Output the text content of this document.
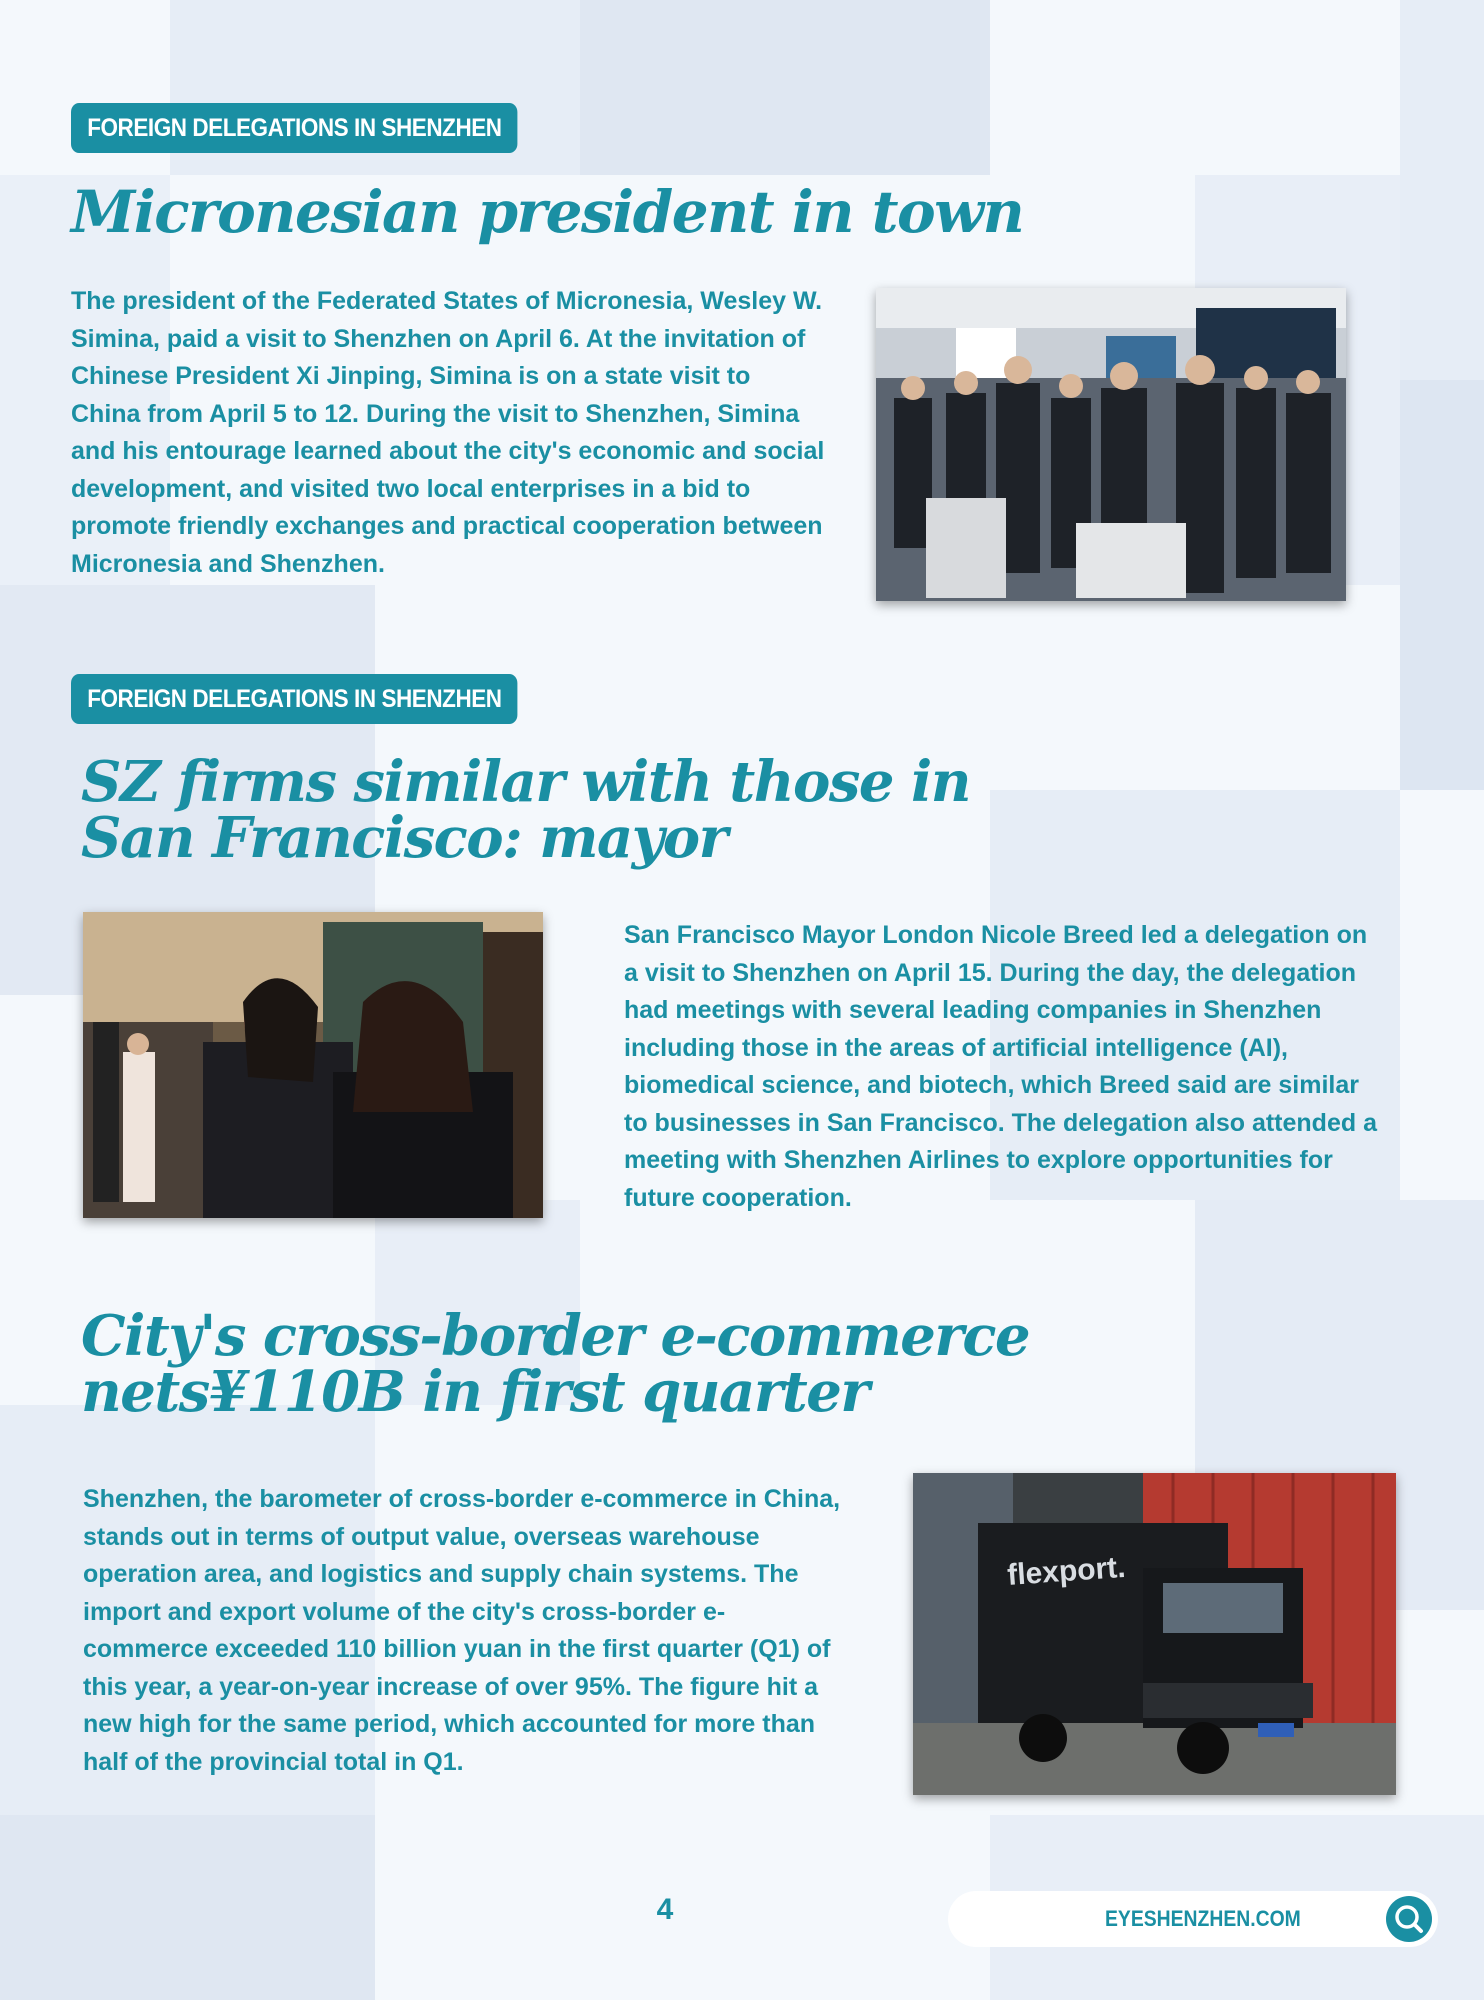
FOREIGN DELEGATIONS IN SHENZHEN
Micronesian president in town

The president of the Federated States of Micronesia, Wesley W. Simina, paid a visit to Shenzhen on April 6. At the invitation of Chinese President Xi Jinping, Simina is on a state visit to China from April 5 to 12. During the visit to Shenzhen, Simina and his entourage learned about the city's economic and social development, and visited two local enterprises in a bid to promote friendly exchanges and practical cooperation between Micronesia and Shenzhen.

FOREIGN DELEGATIONS IN SHENZHEN
SZ firms similar with those in San Francisco: mayor

San Francisco Mayor London Nicole Breed led a delegation on a visit to Shenzhen on April 15. During the day, the delegation had meetings with several leading companies in Shenzhen including those in the areas of artificial intelligence (AI), biomedical science, and biotech, which Breed said are similar to businesses in San Francisco. The delegation also attended a meeting with Shenzhen Airlines to explore opportunities for future cooperation.

City's cross-border e-commerce nets¥110B in first quarter

Shenzhen, the barometer of cross-border e-commerce in China, stands out in terms of output value, overseas warehouse operation area, and logistics and supply chain systems. The import and export volume of the city's cross-border e-commerce exceeded 110 billion yuan in the first quarter (Q1) of this year, a year-on-year increase of over 95%. The figure hit a new high for the same period, which accounted for more than half of the provincial total in Q1.

flexport.
4	EYESHENZHEN.COM
